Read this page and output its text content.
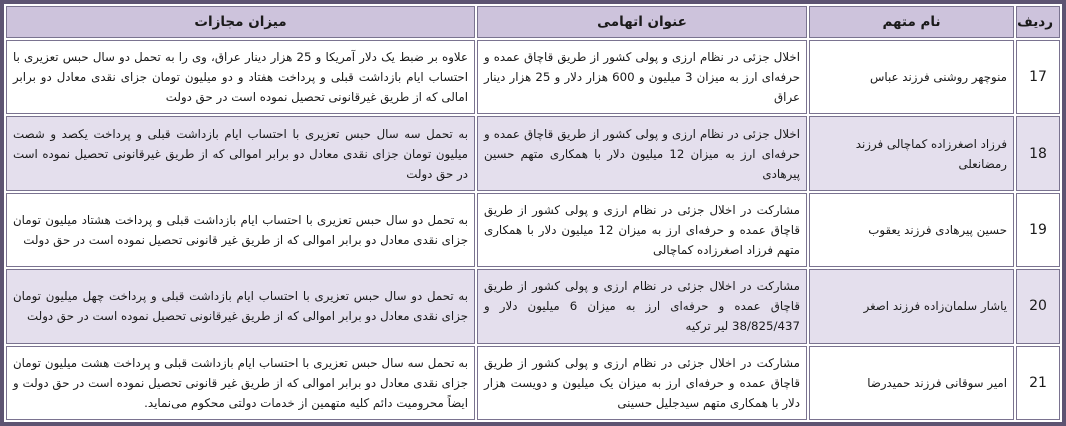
ردیف	نام متهم	عنوان اتهامی	میزان مجازات
17	منوچهر روشنی فرزند عباس	اخلال جزئی در نظام ارزی و پولی کشور از طریق قاچاق عمده و حرفه‌ای ارز به میزان 3 میلیون و 600 هزار دلار و 25 هزار دینار عراق	علاوه بر ضبط یک دلار آمریکا و 25 هزار دینار عراق، وی را به تحمل دو سال حبس تعزیری با احتساب ایام بازداشت قبلی و پرداخت هفتاد و دو میلیون تومان جزای نقدی معادل دو برابر امالی که از طریق غیرقانونی تحصیل نموده است در حق دولت
18	فرزاد اصغرزاده کماچالی فرزند رمضانعلی	اخلال جزئی در نظام ارزی و پولی کشور از طریق قاچاق عمده و حرفه‌ای ارز به میزان 12 میلیون دلار با همکاری متهم حسین پیرهادی	به تحمل سه سال حبس تعزیری با احتساب ایام بازداشت قبلی و پرداخت یکصد و شصت میلیون تومان جزای نقدی معادل دو برابر اموالی که از طریق غیرقانونی تحصیل نموده است در حق دولت
19	حسین پیرهادی فرزند یعقوب	مشارکت در اخلال جزئی در نظام ارزی و پولی کشور از طریق قاچاق عمده و حرفه‌ای ارز به میزان 12 میلیون دلار با همکاری متهم فرزاد اصغرزاده کماچالی	به تحمل دو سال حبس تعزیری با احتساب ایام بازداشت قبلی و پرداخت هشتاد میلیون تومان جزای نقدی معادل دو برابر اموالی که از طریق غیر قانونی تحصیل نموده است در حق دولت
20	یاشار سلمان‌زاده فرزند اصغر	مشارکت در اخلال جزئی در نظام ارزی و پولی کشور از طریق قاچاق عمده و حرفه‌ای ارز به میزان 6 میلیون دلار و 38/825/437 لیر ترکیه	به تحمل دو سال حبس تعزیری با احتساب ایام بازداشت قبلی و پرداخت چهل میلیون تومان جزای نقدی معادل دو برابر اموالی که از طریق غیرقانونی تحصیل نموده است در حق دولت
21	امیر سوقانی فرزند حمیدرضا	مشارکت در اخلال جزئی در نظام ارزی و پولی کشور از طریق قاچاق عمده و حرفه‌ای ارز به میزان یک میلیون و دویست هزار دلار با همکاری متهم سیدجلیل حسینی	به تحمل سه سال حبس تعزیری با احتساب ایام بازداشت قبلی و پرداخت هشت میلیون تومان جزای نقدی معادل دو برابر اموالی که از طریق غیر قانونی تحصیل نموده است در حق دولت و ایضاً محرومیت دائم کلیه متهمین از خدمات دولتی محکوم می‌نماید.
